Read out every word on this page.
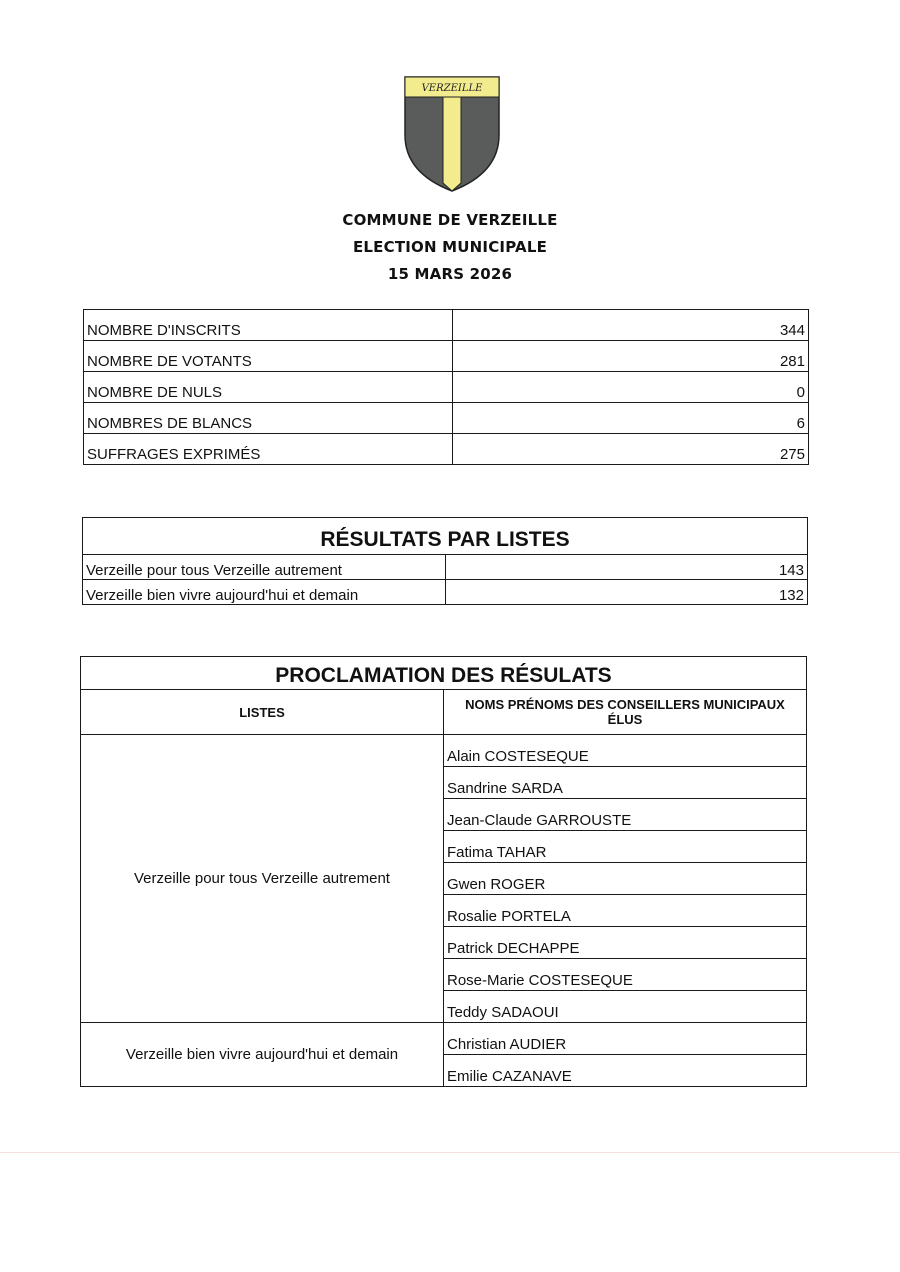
VERZEILLE
COMMUNE DE VERZEILLE
ELECTION MUNICIPALE
15 MARS 2026
NOMBRE D'INSCRITS	344
NOMBRE DE VOTANTS	281
NOMBRE DE NULS	0
NOMBRES DE BLANCS	6
SUFFRAGES EXPRIMÉS	275
RÉSULTATS PAR LISTES	
Verzeille pour tous Verzeille autrement	143
Verzeille bien vivre aujourd'hui et demain	132
PROCLAMATION DES RÉSULATS	
LISTES	NOMS PRÉNOMS DES CONSEILLERS MUNICIPAUX ÉLUS
Verzeille pour tous Verzeille autrement	Alain COSTESEQUE
	Sandrine SARDA
	Jean-Claude GARROUSTE
	Fatima TAHAR
	Gwen ROGER
	Rosalie PORTELA
	Patrick DECHAPPE
	Rose-Marie COSTESEQUE
	Teddy SADAOUI
Verzeille bien vivre aujourd'hui et demain	Christian AUDIER
	Emilie CAZANAVE
